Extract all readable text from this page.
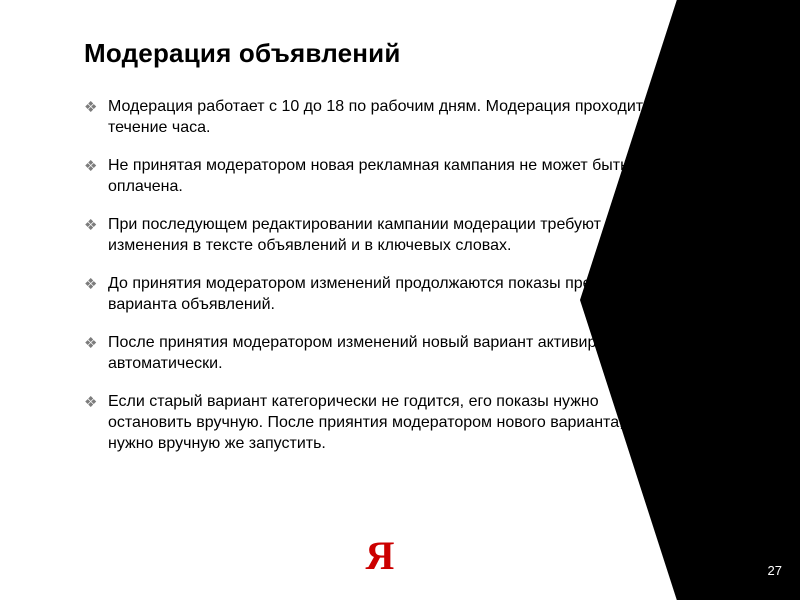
Модерация объявлений
❖ Модерация работает с 10 до 18 по рабочим дням. Модерация проходит в течение часа.
❖ Не принятая модератором новая рекламная кампания не может быть оплачена.
❖ При последующем редактировании кампании модерации требуют любые изменения в тексте объявлений и в ключевых словах.
❖ До принятия модератором изменений продолжаются показы прежнего варианта объявлений.
❖ После принятия модератором изменений новый вариант активируется автоматически.
❖ Если старый вариант категорически не годится, его показы нужно остановить вручную. После приянтия модератором нового варианта, его нужно вручную же запустить.
Я	27
